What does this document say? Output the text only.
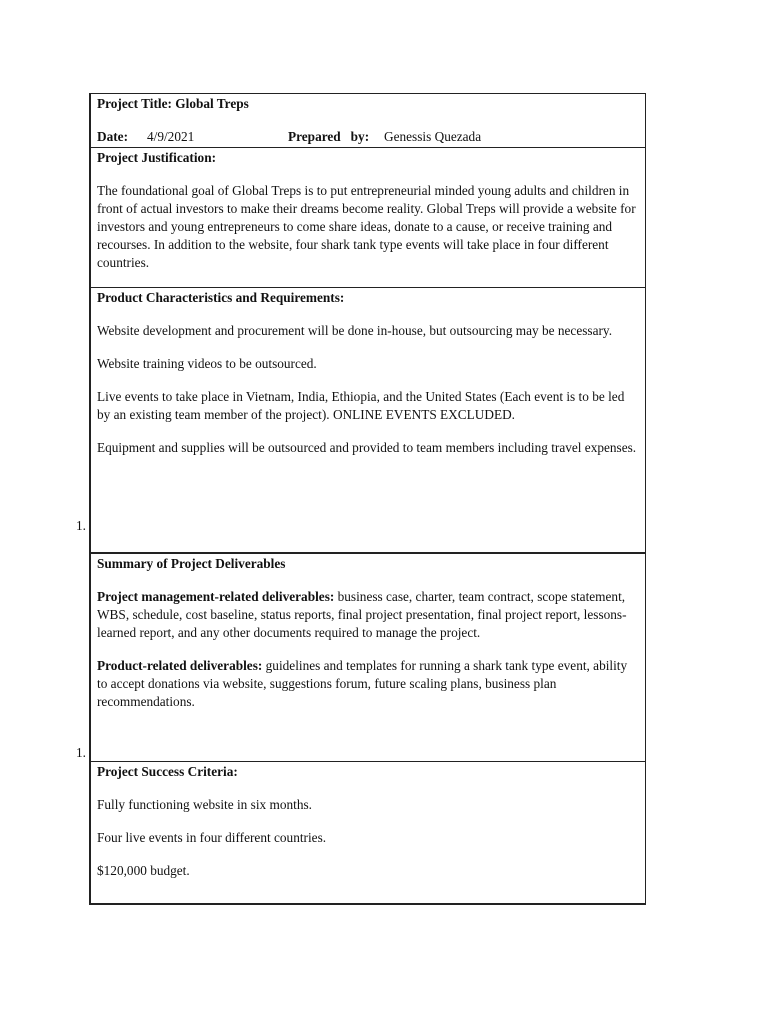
Project Title: Global Treps

Date: 4/9/2021	Prepared   by: Genessis Quezada

Project Justification:

The foundational goal of Global Treps is to put entrepreneurial minded young adults and children in front of actual investors to make their dreams become reality. Global Treps will provide a website for investors and young entrepreneurs to come share ideas, donate to a cause, or receive training and recourses. In addition to the website, four shark tank type events will take place in four different countries.

Product Characteristics and Requirements:

Website development and procurement will be done in-house, but outsourcing may be necessary.

Website training videos to be outsourced.

Live events to take place in Vietnam, India, Ethiopia, and the United States (Each event is to be led by an existing team member of the project). ONLINE EVENTS EXCLUDED.

Equipment and supplies will be outsourced and provided to team members including travel expenses.

Summary of Project Deliverables

Project management-related deliverables: business case, charter, team contract, scope statement, WBS, schedule, cost baseline, status reports, final project presentation, final project report, lessons-learned report, and any other documents required to manage the project.

Product-related deliverables: guidelines and templates for running a shark tank type event, ability to accept donations via website, suggestions forum, future scaling plans, business plan recommendations.

Project Success Criteria:

Fully functioning website in six months.

Four live events in four different countries.

$120,000 budget.

1.
1.
